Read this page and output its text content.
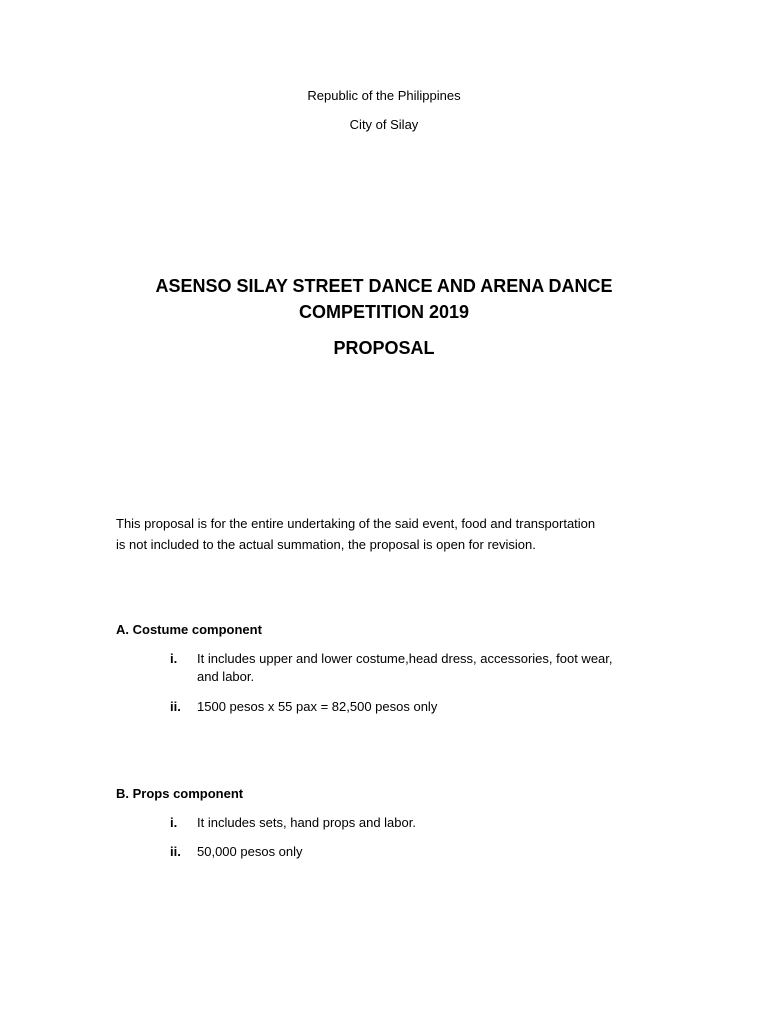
Republic of the Philippines
City of Silay
ASENSO SILAY STREET DANCE AND ARENA DANCE
COMPETITION 2019
PROPOSAL
This proposal is for the entire undertaking of the said event, food and transportation
is not included to the actual summation, the proposal is open for revision.
A. Costume component
i. It includes upper and lower costume,head dress, accessories, foot wear,
and labor.
ii. 1500 pesos x 55 pax = 82,500 pesos only
B. Props component
i. It includes sets, hand props and labor.
ii. 50,000 pesos only
